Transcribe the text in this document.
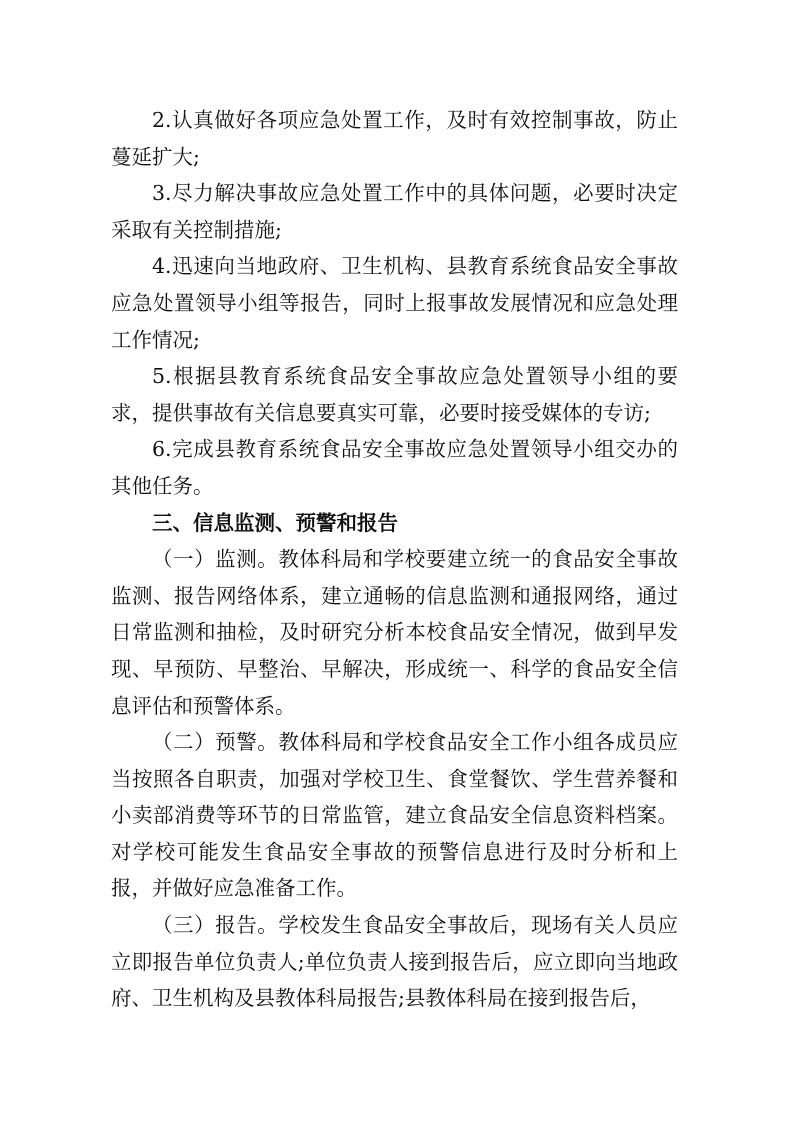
2.认真做好各项应急处置工作，及时有效控制事故，防止蔓延扩大;

3.尽力解决事故应急处置工作中的具体问题，必要时决定采取有关控制措施;

4.迅速向当地政府、卫生机构、县教育系统食品安全事故应急处置领导小组等报告，同时上报事故发展情况和应急处理工作情况;

5.根据县教育系统食品安全事故应急处置领导小组的要求，提供事故有关信息要真实可靠，必要时接受媒体的专访;

6.完成县教育系统食品安全事故应急处置领导小组交办的其他任务。

三、信息监测、预警和报告

（一）监测。教体科局和学校要建立统一的食品安全事故监测、报告网络体系，建立通畅的信息监测和通报网络，通过日常监测和抽检，及时研究分析本校食品安全情况，做到早发现、早预防、早整治、早解决，形成统一、科学的食品安全信息评估和预警体系。

（二）预警。教体科局和学校食品安全工作小组各成员应当按照各自职责，加强对学校卫生、食堂餐饮、学生营养餐和小卖部消费等环节的日常监管，建立食品安全信息资料档案。对学校可能发生食品安全事故的预警信息进行及时分析和上报，并做好应急准备工作。

（三）报告。学校发生食品安全事故后，现场有关人员应立即报告单位负责人;单位负责人接到报告后，应立即向当地政府、卫生机构及县教体科局报告;县教体科局在接到报告后，
